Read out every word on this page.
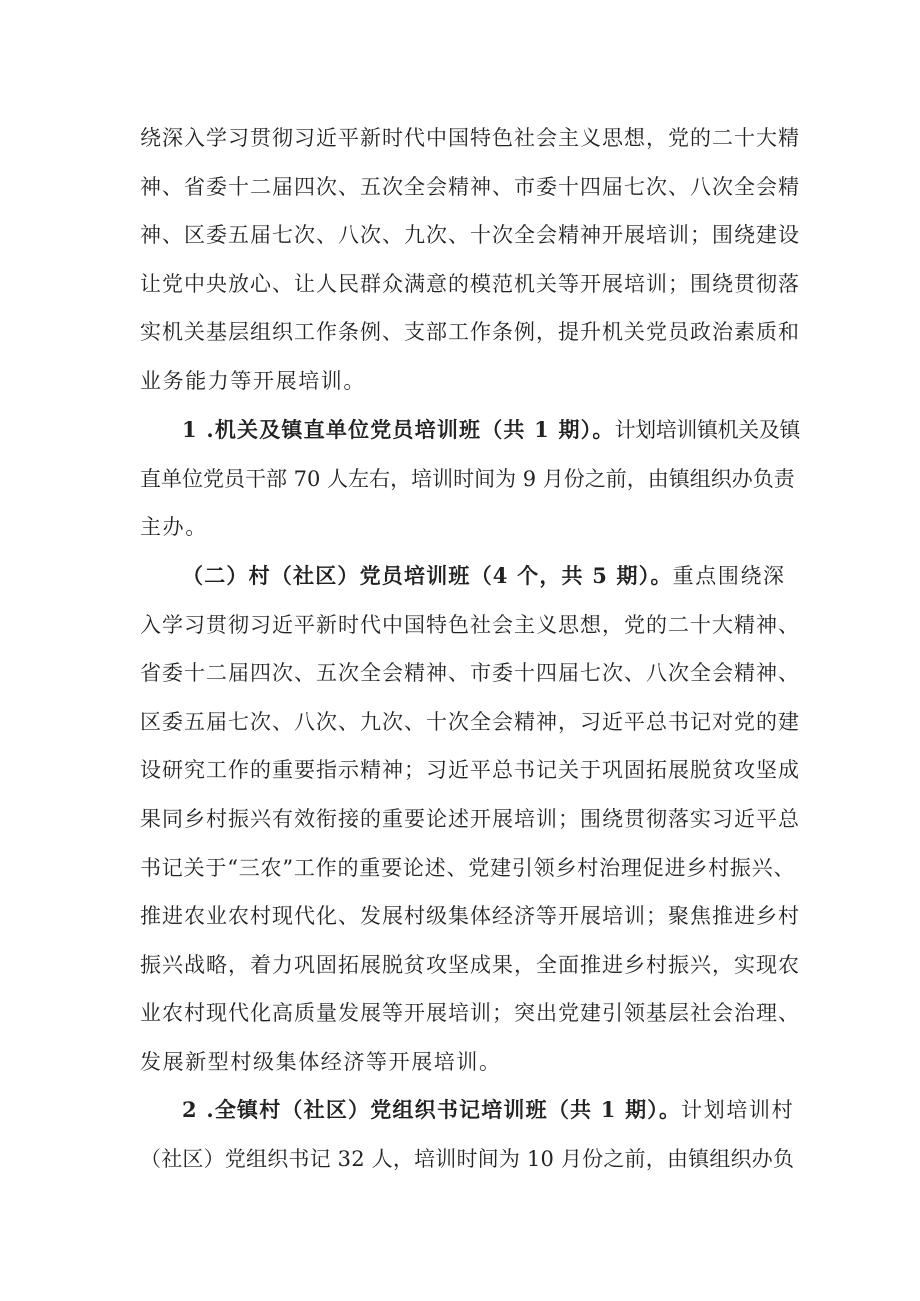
绕深入学习贯彻习近平新时代中国特色社会主义思想，党的二十大精
神、省委十二届四次、五次全会精神、市委十四届七次、八次全会精
神、区委五届七次、八次、九次、十次全会精神开展培训；围绕建设
让党中央放心、让人民群众满意的模范机关等开展培训；围绕贯彻落
实机关基层组织工作条例、支部工作条例，提升机关党员政治素质和
业务能力等开展培训。
1 .机关及镇直单位党员培训班（共 1 期）。计划培训镇机关及镇
直单位党员干部 70 人左右，培训时间为 9 月份之前，由镇组织办负责
主办。
（二）村（社区）党员培训班（4 个，共 5 期）。重点围绕深
入学习贯彻习近平新时代中国特色社会主义思想，党的二十大精神、
省委十二届四次、五次全会精神、市委十四届七次、八次全会精神、
区委五届七次、八次、九次、十次全会精神，习近平总书记对党的建
设研究工作的重要指示精神；习近平总书记关于巩固拓展脱贫攻坚成
果同乡村振兴有效衔接的重要论述开展培训；围绕贯彻落实习近平总
书记关于“三农”工作的重要论述、党建引领乡村治理促进乡村振兴、
推进农业农村现代化、发展村级集体经济等开展培训；聚焦推进乡村
振兴战略，着力巩固拓展脱贫攻坚成果，全面推进乡村振兴，实现农
业农村现代化高质量发展等开展培训；突出党建引领基层社会治理、
发展新型村级集体经济等开展培训。
2 .全镇村（社区）党组织书记培训班（共 1 期）。计划培训村
（社区）党组织书记 32 人，培训时间为 10 月份之前，由镇组织办负
